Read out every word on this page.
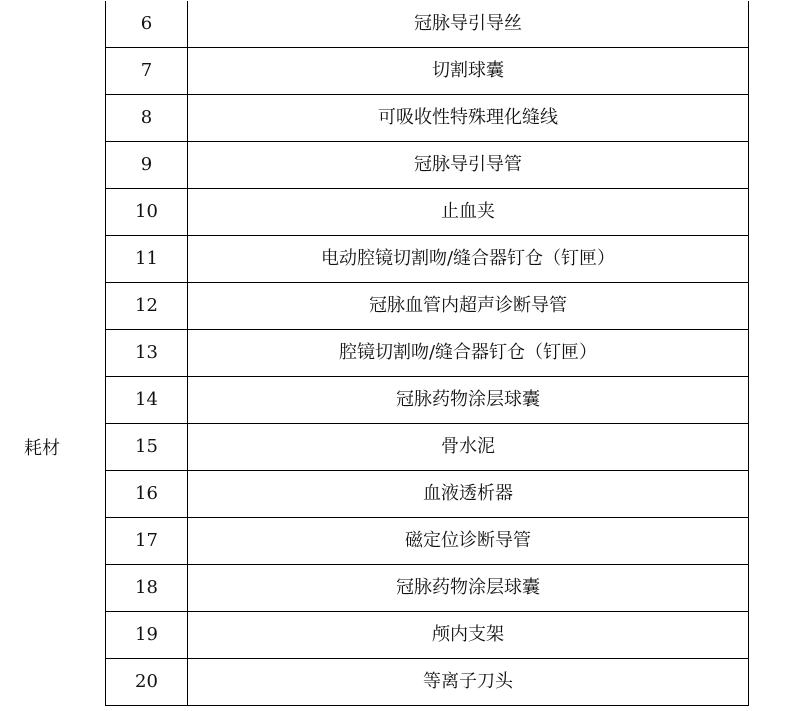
耗材
6	冠脉导引导丝
7	切割球囊
8	可吸收性特殊理化缝线
9	冠脉导引导管
10	止血夹
11	电动腔镜切割吻/缝合器钉仓（钉匣）
12	冠脉血管内超声诊断导管
13	腔镜切割吻/缝合器钉仓（钉匣）
14	冠脉药物涂层球囊
15	骨水泥
16	血液透析器
17	磁定位诊断导管
18	冠脉药物涂层球囊
19	颅内支架
20	等离子刀头
